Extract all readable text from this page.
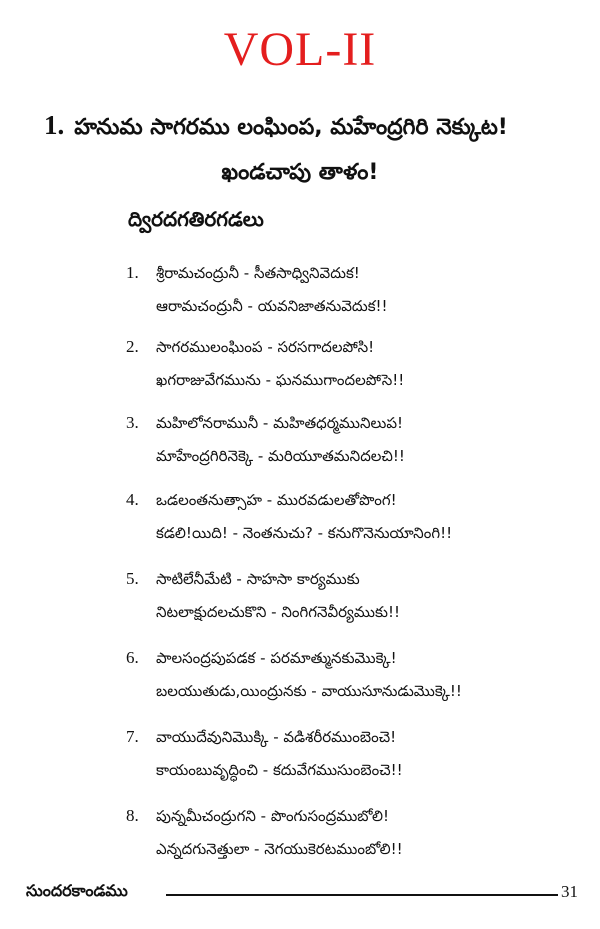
VOL-II
1. హనుమ సాగరము లంఘింప, మహేంద్రగిరి నెక్కుట!
ఖండచాపు తాళం!
ద్విరదగతిరగడలు
1. శ్రీరామచంద్రునీ - సీతసాధ్వినివెదుక!
ఆరామచంద్రునీ - యవనిజాతనువెదుక!!
2. సాగరములంఘింప - సరసగాదలపోసి!
ఖగరాజువేగమును - ఘనముగాందలపోసె!!
3. మహిలోనరామునీ - మహితధర్మమునిలుప!
మాహేంద్రగిరినెక్కె - మరియూతమనిదలచి!!
4. ఒడలంతనుత్సాహ - మురవడులతోపొంగ!
కడలి!యిది! - నెంతనుచు? - కనుగొనెనుయానింగి!!
5. సాటిలేనీమేటి - సాహసా కార్యముకు
నిటలాక్షుదలచుకొని - నింగిగనెవీర్యముకు!!
6. పాలసంద్రపుపడక - పరమాత్మునకుమొక్కె!
బలయుతుడు,యింద్రునకు - వాయుసూనుడుమొక్కె!!
7. వాయుదేవునిమొక్కి - వడిశరీరముంబెంచె!
కాయంబువృద్ధించి - కదువేగముసుంబెంచె!!
8. పున్నమీచంద్రుగని - పొంగుసంద్రముబోలి!
ఎన్నదగునెత్తులా - నెగయుకెరటముంబోలి!!
సుందరకాండము	31
